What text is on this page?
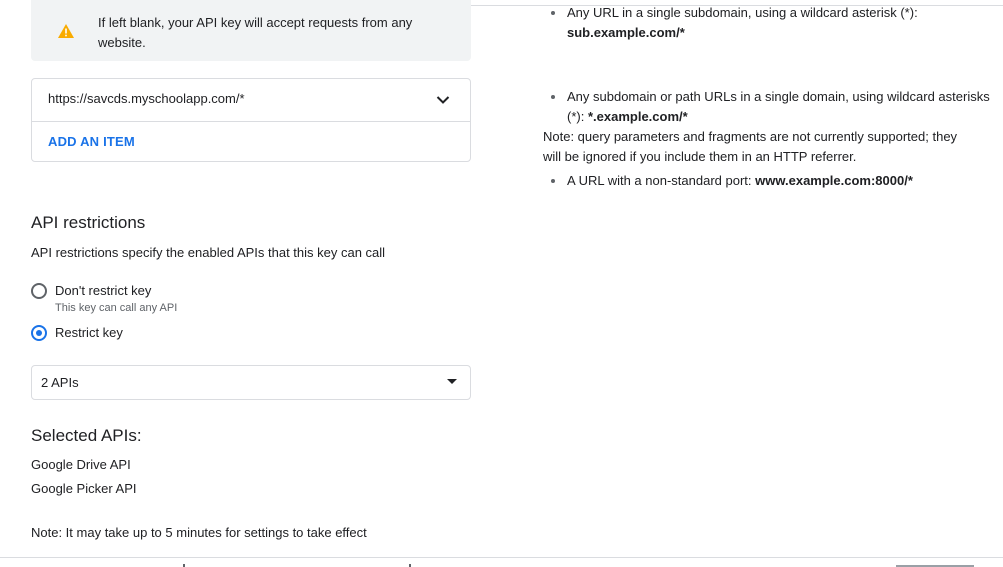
If left blank, your API key will accept requests from any website.
https://savcds.myschoolapp.com/*
ADD AN ITEM
Any URL in a single subdomain, using a wildcard asterisk (*):
sub.example.com/*
Any subdomain or path URLs in a single domain, using wildcard asterisks (*): *.example.com/*
A URL with a non-standard port: www.example.com:8000/*
Note: query parameters and fragments are not currently supported; they will be ignored if you include them in an HTTP referrer.
API restrictions
API restrictions specify the enabled APIs that this key can call
Don't restrict key
This key can call any API
Restrict key
2 APIs
Selected APIs:
Google Drive API
Google Picker API
Note: It may take up to 5 minutes for settings to take effect
